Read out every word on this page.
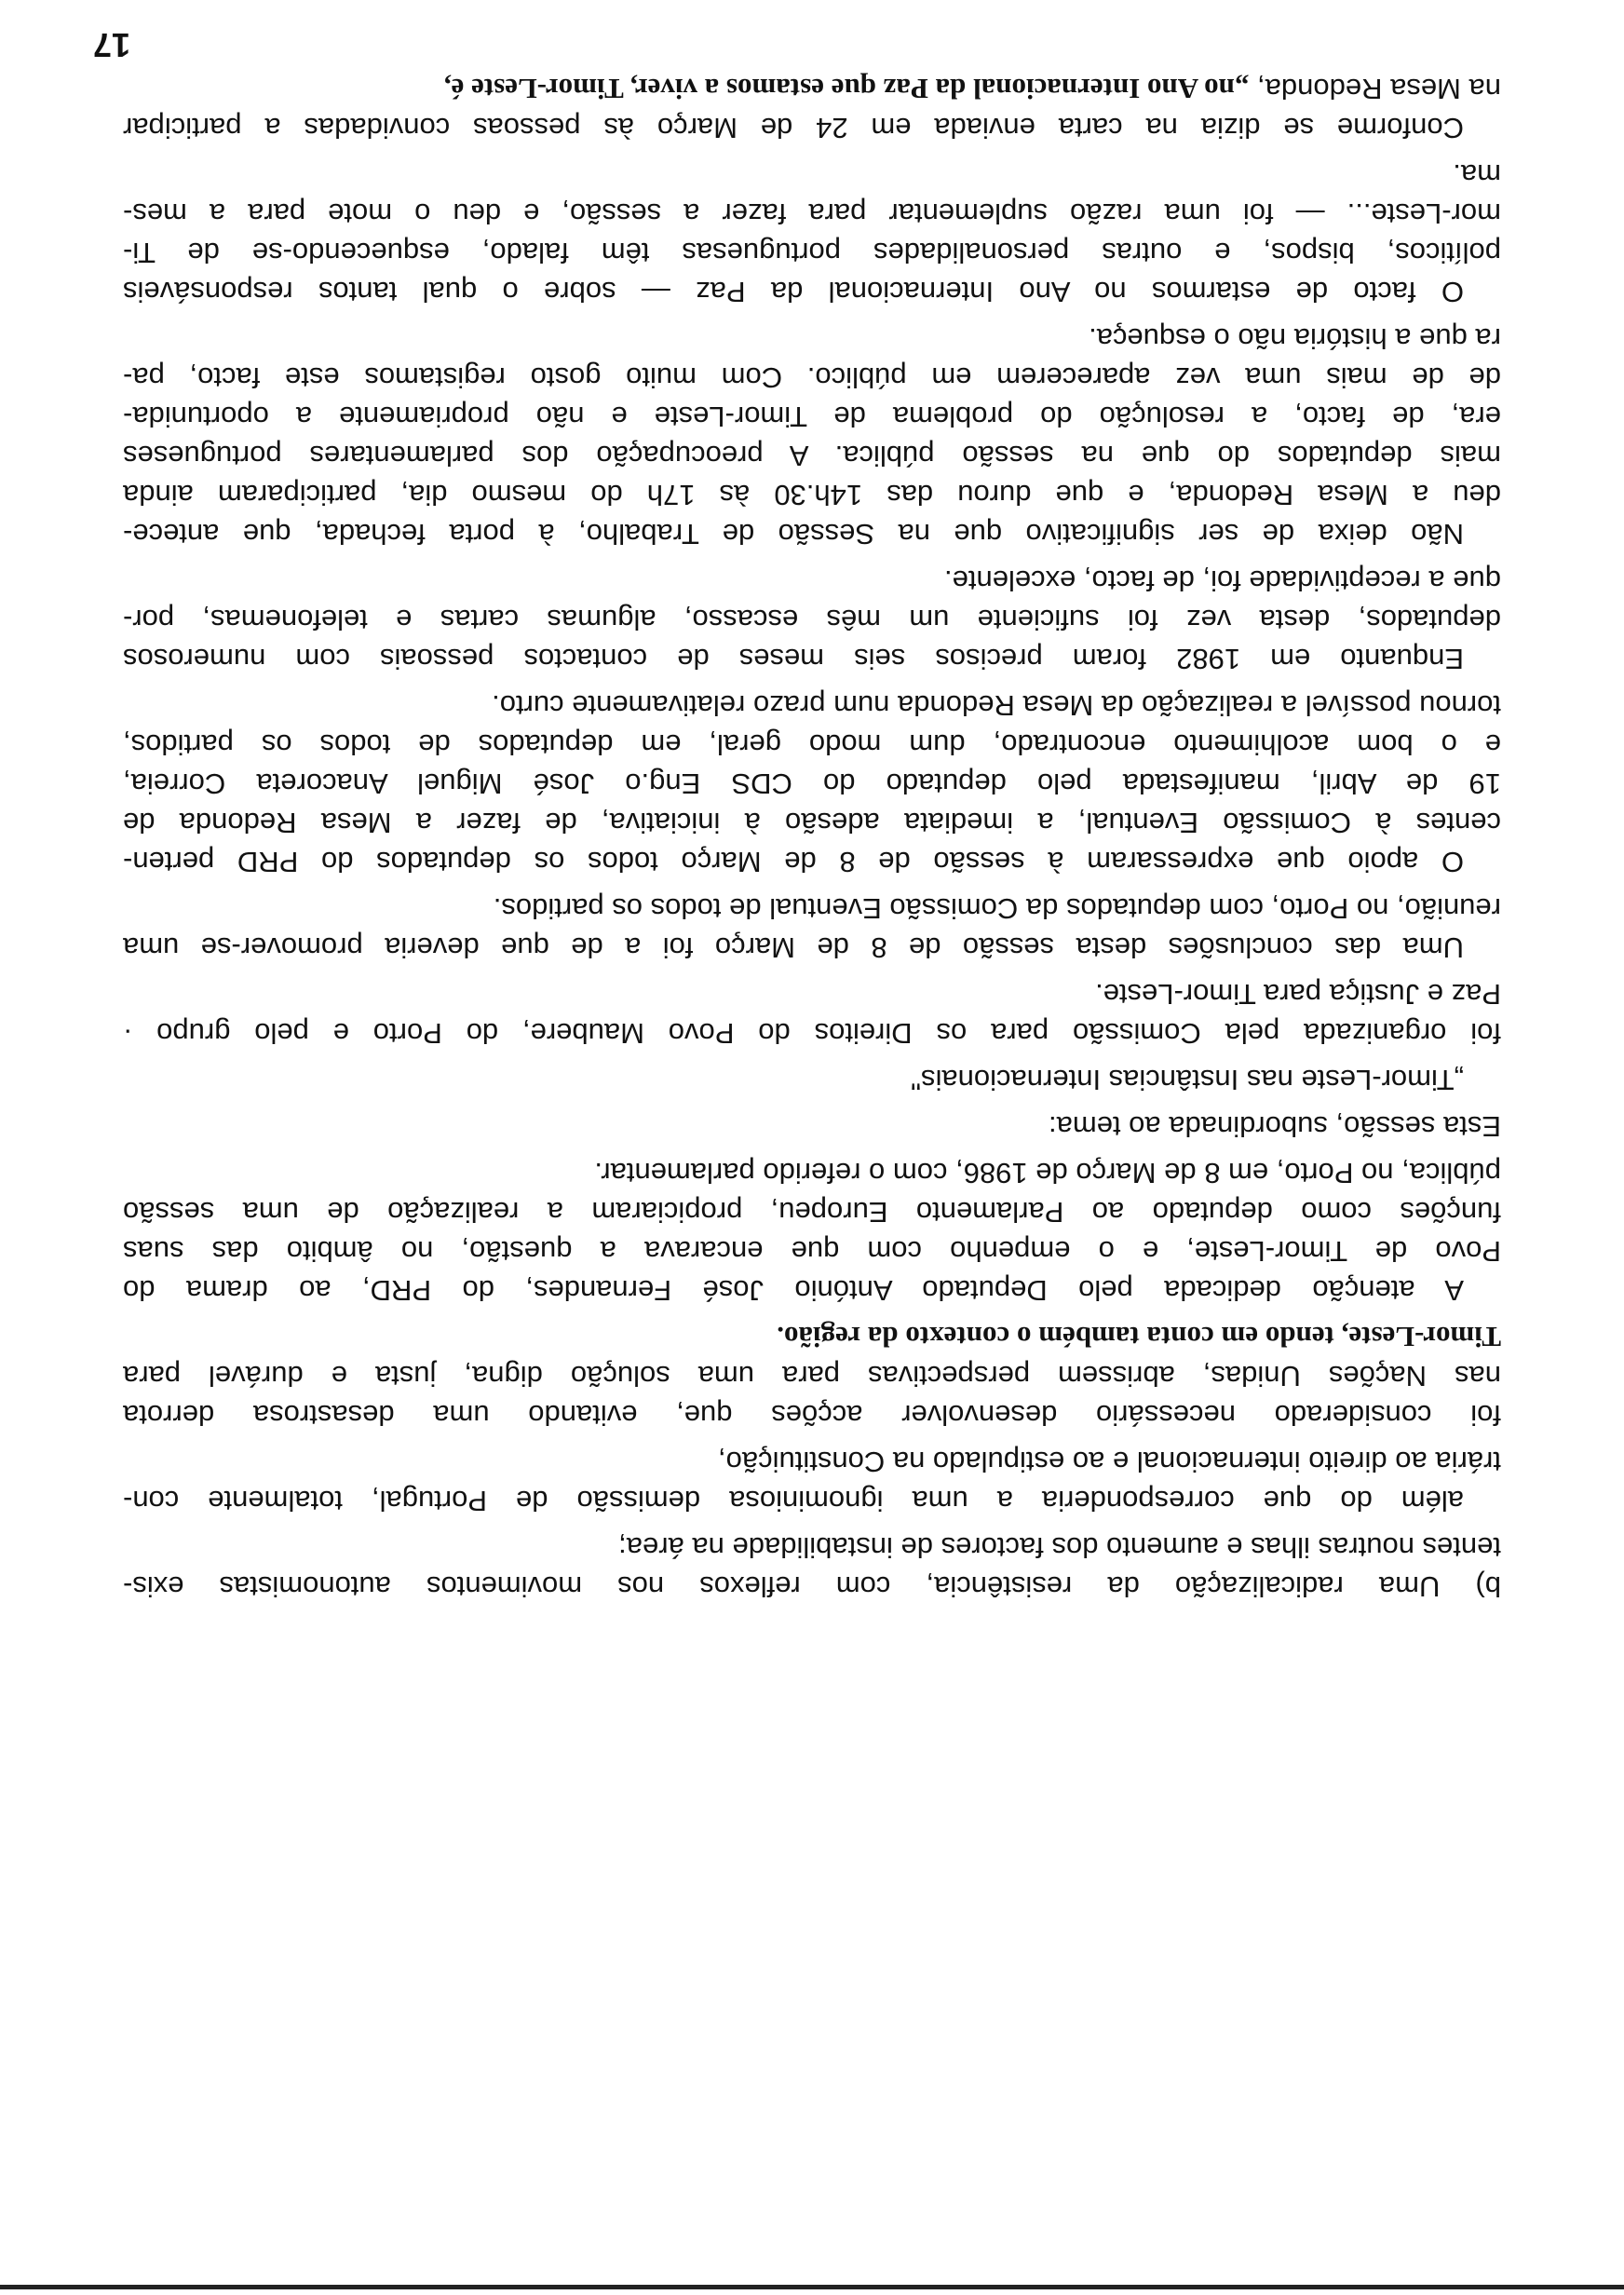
b) Uma radicalização da resistência, com reflexos nos movimentos autonomistas exis-
tentes noutras ilhas e aumento dos factores de instabilidade na área;
além do que corresponderia a uma ignominiosa demissão de Portugal, totalmente con-
trária ao direito internacional e ao estipulado na Constituição,
foi considerado necessário desenvolver acções que, evitando uma desastrosa derrota
nas Nações Unidas, abrissem perspectivas para uma solução digna, justa e durável para
Timor-Leste, tendo em conta também o contexto da região.
A atenção dedicada pelo Deputado António José Fernandes, do PRD, ao drama do
Povo de Timor-Leste, e o empenho com que encarava a questão, no âmbito das suas
funções como deputado ao Parlamento Europeu, propiciaram a realização de uma sessão
pública, no Porto, em 8 de Março de 1986, com o referido parlamentar.
Esta sessão, subordinada ao tema:
„Timor-Leste nas Instâncias Internacionais"
foi organizada pela Comissão para os Direitos do Povo Maubere, do Porto e pelo grupo ·
Paz e Justiça para Timor-Leste.
Uma das conclusões desta sessão de 8 de Março foi a de que deveria promover-se uma
reunião, no Porto, com deputados da Comissão Eventual de todos os partidos.
O apoio que expressaram à sessão de 8 de Março todos os deputados do PRD perten-
centes à Comissão Eventual, a imediata adesão à iniciativa, de fazer a Mesa Redonda de
19 de Abril, manifestada pelo deputado do CDS Eng.o José Miguel Anacoreta Correia,
e o bom acolhimento encontrado, dum modo geral, em deputados de todos os partidos,
tornou possível a realização da Mesa Redonda num prazo relativamente curto.
Enquanto em 1982 foram precisos seis meses de contactos pessoais com numerosos
deputados, desta vez foi suficiente um mês escasso, algumas cartas e telefonemas, por-
que a receptividade foi, de facto, excelente.
Não deixa de ser significativo que na Sessão de Trabalho, à porta fechada, que antece-
deu a Mesa Redonda, e que durou das 14h.30 às 17h do mesmo dia, participaram ainda
mais deputados do que na sessão pública. A preocupação dos parlamentares portugueses
era, de facto, a resolução do problema de Timor-Leste e não propriamente a oportunida-
de de mais uma vez aparecerem em público. Com muito gosto registamos este facto, pa-
ra que a história não o esqueça.
O facto de estarmos no Ano Internacional da Paz — sobre o qual tantos responsáveis
políticos, bispos, e outras personalidades portuguesas têm falado, esquecendo-se de Ti-
mor-Leste... — foi uma razão suplementar para fazer a sessão, e deu o mote para a mes-
ma.
Conforme se dizia na carta enviada em 24 de Março às pessoas convidadas a participar
na Mesa Redonda, „no Ano Internacional da Paz que estamos a viver, Timor-Leste é,
17
